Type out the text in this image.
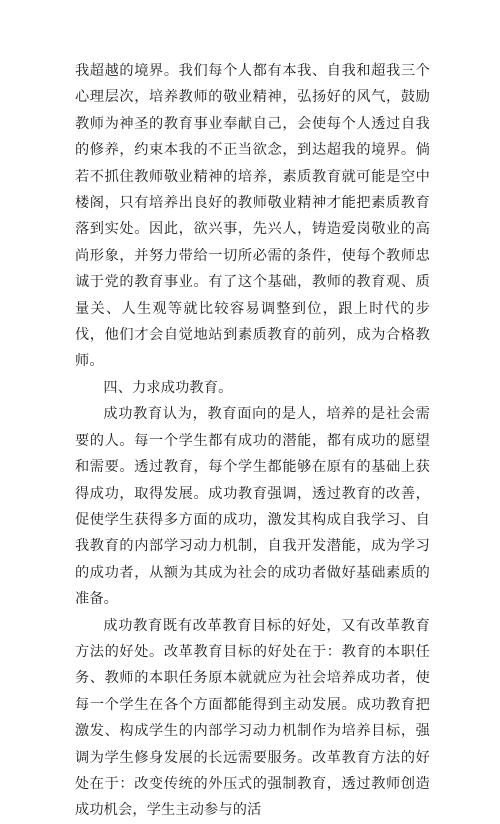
我超越的境界。我们每个人都有本我、自我和超我三个心理层次，培养教师的敬业精神，弘扬好的风气，鼓励教师为神圣的教育事业奉献自己，会使每个人透过自我的修养，约束本我的不正当欲念，到达超我的境界。倘若不抓住教师敬业精神的培养，素质教育就可能是空中楼阁，只有培养出良好的教师敬业精神才能把素质教育落到实处。因此，欲兴事，先兴人，铸造爱岗敬业的高尚形象，并努力带给一切所必需的条件，使每个教师忠诚于党的教育事业。有了这个基础，教师的教育观、质量关、人生观等就比较容易调整到位，跟上时代的步伐，他们才会自觉地站到素质教育的前列，成为合格教师。

四、力求成功教育。

成功教育认为，教育面向的是人，培养的是社会需要的人。每一个学生都有成功的潜能，都有成功的愿望和需要。透过教育，每个学生都能够在原有的基础上获得成功，取得发展。成功教育强调，透过教育的改善，促使学生获得多方面的成功，激发其构成自我学习、自我教育的内部学习动力机制，自我开发潜能，成为学习的成功者，从额为其成为社会的成功者做好基础素质的准备。

成功教育既有改革教育目标的好处，又有改革教育方法的好处。改革教育目标的好处在于：教育的本职任务、教师的本职任务原本就就应为社会培养成功者，使每一个学生在各个方面都能得到主动发展。成功教育把激发、构成学生的内部学习动力机制作为培养目标，强调为学生修身发展的长远需要服务。改革教育方法的好处在于：改变传统的外压式的强制教育，透过教师创造成功机会，学生主动参与的活
